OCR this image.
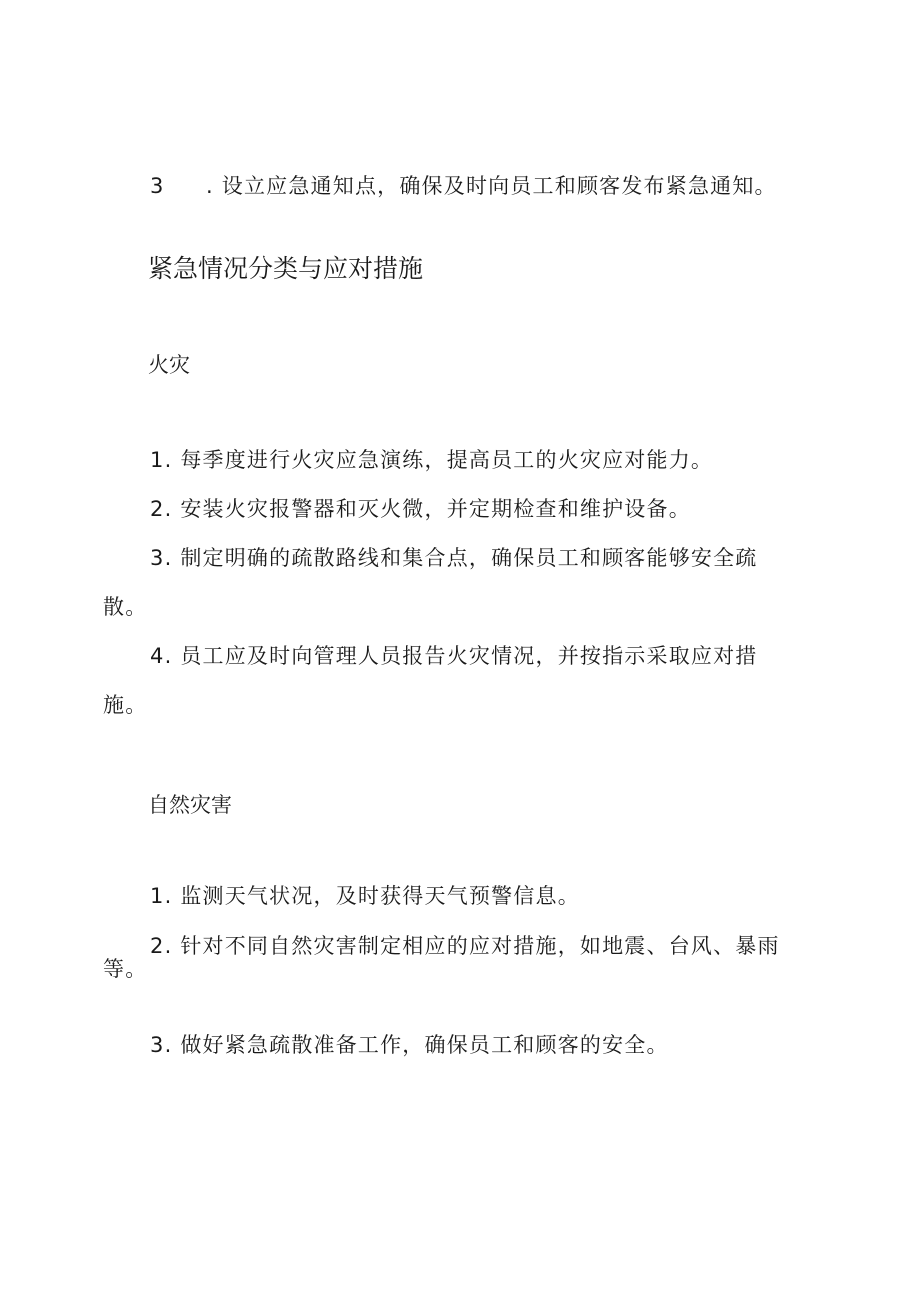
3 . 设立应急通知点，确保及时向员工和顾客发布紧急通知。
紧急情况分类与应对措施
火灾
1. 每季度进行火灾应急演练，提高员工的火灾应对能力。
2. 安装火灾报警器和灭火微，并定期检查和维护设备。
3. 制定明确的疏散路线和集合点，确保员工和顾客能够安全疏
散。
4. 员工应及时向管理人员报告火灾情况，并按指示采取应对措
施。
自然灾害
1. 监测天气状况，及时获得天气预警信息。
2. 针对不同自然灾害制定相应的应对措施，如地震、台风、暴雨
等。
3. 做好紧急疏散准备工作，确保员工和顾客的安全。
